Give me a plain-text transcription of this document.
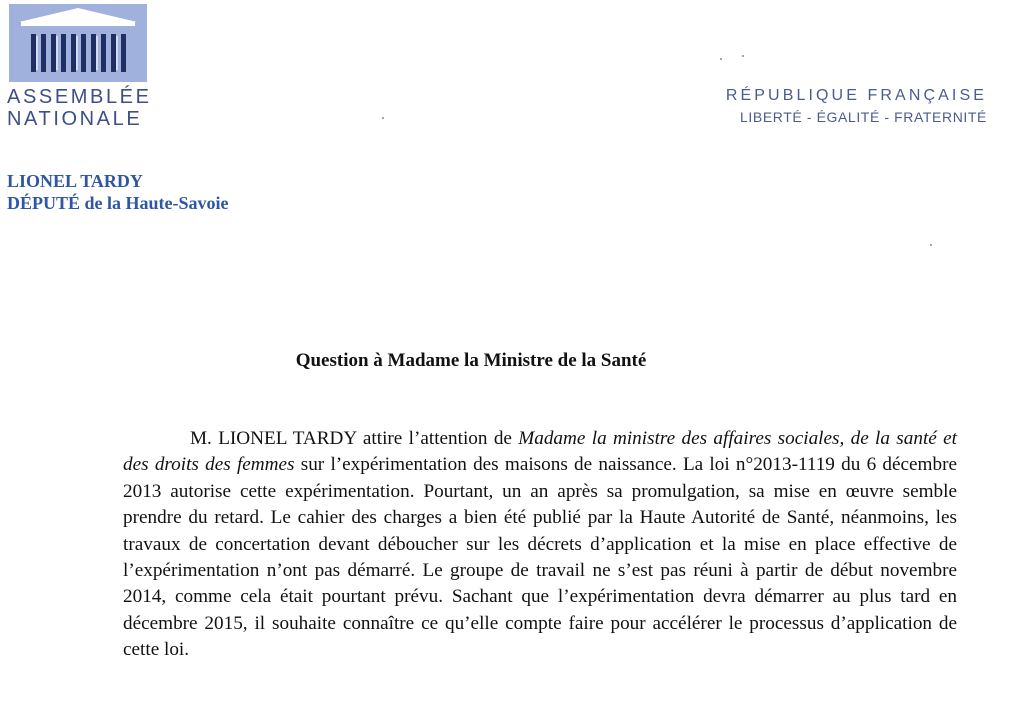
ASSEMBLÉE
NATIONALE
RÉPUBLIQUE FRANÇAISE
LIBERTÉ - ÉGALITÉ - FRATERNITÉ
LIONEL TARDY
DÉPUTÉ de la Haute-Savoie
Question à Madame la Ministre de la Santé

M. LIONEL TARDY attire l’attention de Madame la ministre des affaires sociales, de la santé et des droits des femmes sur l’expérimentation des maisons de naissance. La loi n°2013-1119 du 6 décembre 2013 autorise cette expérimentation. Pourtant, un an après sa promulgation, sa mise en œuvre semble prendre du retard. Le cahier des charges a bien été publié par la Haute Autorité de Santé, néanmoins, les travaux de concertation devant déboucher sur les décrets d’application et la mise en place effective de l’expérimentation n’ont pas démarré. Le groupe de travail ne s’est pas réuni à partir de début novembre 2014, comme cela était pourtant prévu. Sachant que l’expérimentation devra démarrer au plus tard en décembre 2015, il souhaite connaître ce qu’elle compte faire pour accélérer le processus d’application de cette loi.
